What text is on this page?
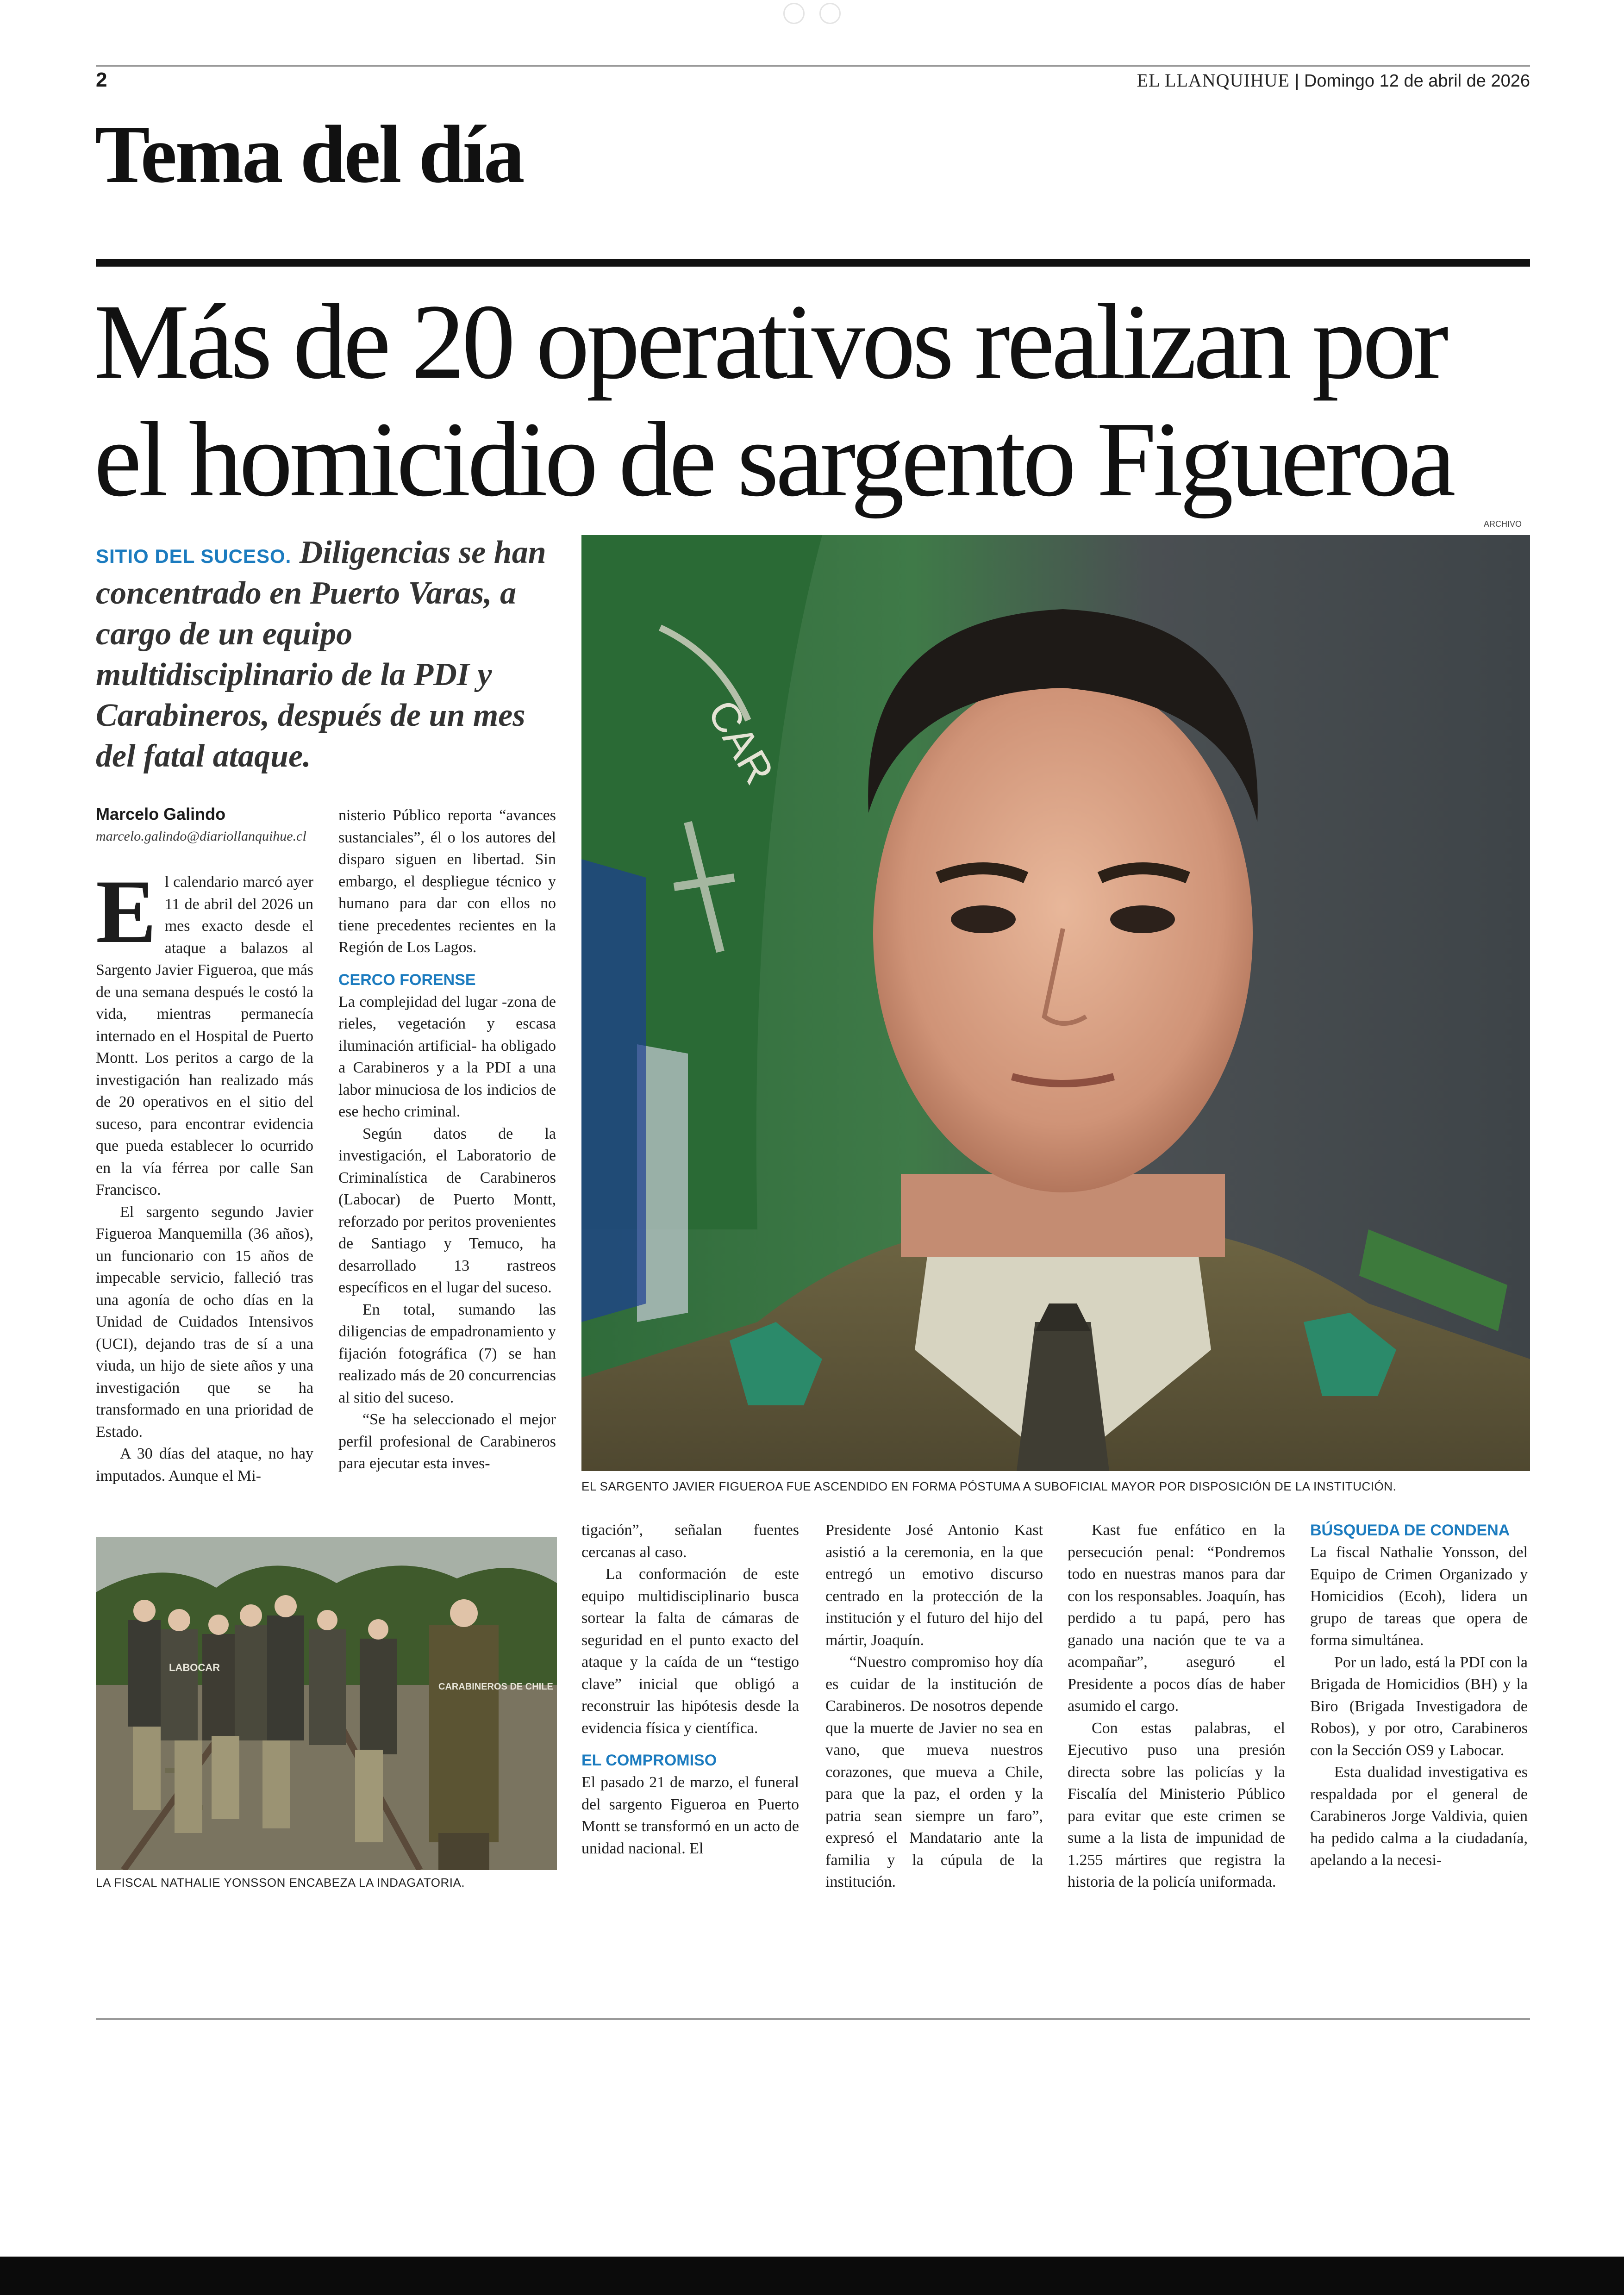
2	EL LLANQUIHUE | Domingo 12 de abril de 2026
Tema del día
Más de 20 operativos realizan por el homicidio de sargento Figueroa
ARCHIVO
SITIO DEL SUCESO. Diligencias se han concentrado en Puerto Varas, a cargo de un equipo multidisciplinario de la PDI y Carabineros, después de un mes del fatal ataque.
Marcelo Galindo
marcelo.galindo@diariollanquihue.cl

El calendario marcó ayer 11 de abril del 2026 un mes exacto desde el ataque a balazos al Sargento Javier Figueroa, que más de una semana después le costó la vida, mientras permanecía internado en el Hospital de Puerto Montt. Los peritos a cargo de la investigación han realizado más de 20 operativos en el sitio del suceso, para encontrar evidencia que pueda establecer lo ocurrido en la vía férrea por calle San Francisco.

El sargento segundo Javier Figueroa Manquemilla (36 años), un funcionario con 15 años de impecable servicio, falleció tras una agonía de ocho días en la Unidad de Cuidados Intensivos (UCI), dejando tras de sí a una viuda, un hijo de siete años y una investigación que se ha transformado en una prioridad de Estado.

A 30 días del ataque, no hay imputados. Aunque el Mi-

nisterio Público reporta “avances sustanciales”, él o los autores del disparo siguen en libertad. Sin embargo, el despliegue técnico y humano para dar con ellos no tiene precedentes recientes en la Región de Los Lagos.

CERCO FORENSE

La complejidad del lugar -zona de rieles, vegetación y escasa iluminación artificial- ha obligado a Carabineros y a la PDI a una labor minuciosa de los indicios de ese hecho criminal.

Según datos de la investigación, el Laboratorio de Criminalística de Carabineros (Labocar) de Puerto Montt, reforzado por peritos provenientes de Santiago y Temuco, ha desarrollado 13 rastreos específicos en el lugar del suceso.

En total, sumando las diligencias de empadronamiento y fijación fotográfica (7) se han realizado más de 20 concurrencias al sitio del suceso.

“Se ha seleccionado el mejor perfil profesional de Carabineros para ejecutar esta inves-

CAR
EL SARGENTO JAVIER FIGUEROA FUE ASCENDIDO EN FORMA PÓSTUMA A SUBOFICIAL MAYOR POR DISPOSICIÓN DE LA INSTITUCIÓN.
LABOCAR
CARABINEROS DE CHILE
LA FISCAL NATHALIE YONSSON ENCABEZA LA INDAGATORIA.

tigación”, señalan fuentes cercanas al caso.

La conformación de este equipo multidisciplinario busca sortear la falta de cámaras de seguridad en el punto exacto del ataque y la caída de un “testigo clave” inicial que obligó a reconstruir las hipótesis desde la evidencia física y científica.

EL COMPROMISO

El pasado 21 de marzo, el funeral del sargento Figueroa en Puerto Montt se transformó en un acto de unidad nacional. El

Presidente José Antonio Kast asistió a la ceremonia, en la que entregó un emotivo discurso centrado en la protección de la institución y el futuro del hijo del mártir, Joaquín.

“Nuestro compromiso hoy día es cuidar de la institución de Carabineros. De nosotros depende que la muerte de Javier no sea en vano, que mueva nuestros corazones, que mueva a Chile, para que la paz, el orden y la patria sean siempre un faro”, expresó el Mandatario ante la familia y la cúpula de la institución.

Kast fue enfático en la persecución penal: “Pondremos todo en nuestras manos para dar con los responsables. Joaquín, has perdido a tu papá, pero has ganado una nación que te va a acompañar”, aseguró el Presidente a pocos días de haber asumido el cargo.

Con estas palabras, el Ejecutivo puso una presión directa sobre las policías y la Fiscalía del Ministerio Público para evitar que este crimen se sume a la lista de impunidad de 1.255 mártires que registra la historia de la policía uniformada.

BÚSQUEDA DE CONDENA

La fiscal Nathalie Yonsson, del Equipo de Crimen Organizado y Homicidios (Ecoh), lidera un grupo de tareas que opera de forma simultánea.

Por un lado, está la PDI con la Brigada de Homicidios (BH) y la Biro (Brigada Investigadora de Robos), y por otro, Carabineros con la Sección OS9 y Labocar.

Esta dualidad investigativa es respaldada por el general de Carabineros Jorge Valdivia, quien ha pedido calma a la ciudadanía, apelando a la necesi-
